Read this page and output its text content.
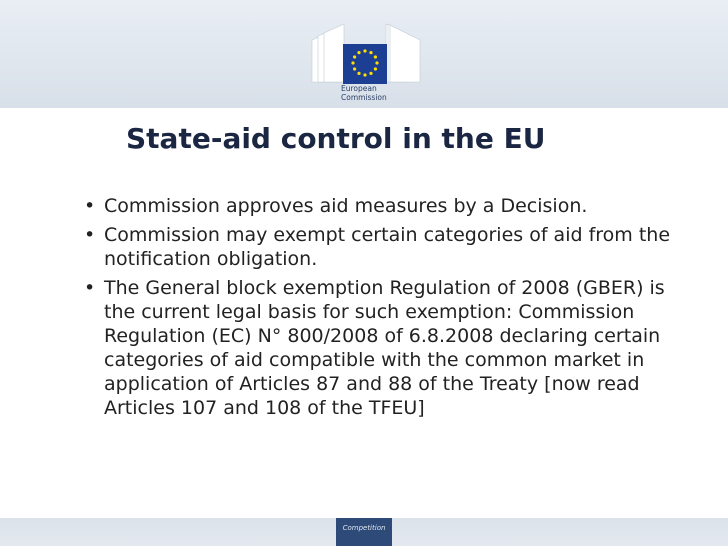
European
Commission
State-aid control in the EU
• Commission approves aid measures by a Decision.
• Commission may exempt certain categories of aid from the notification obligation.
• The General block exemption Regulation of 2008 (GBER) is the current legal basis for such exemption: Commission Regulation (EC) N° 800/2008 of 6.8.2008 declaring certain categories of aid compatible with the common market in application of Articles 87 and 88 of the Treaty [now read Articles 107 and 108 of the TFEU]
Competition
